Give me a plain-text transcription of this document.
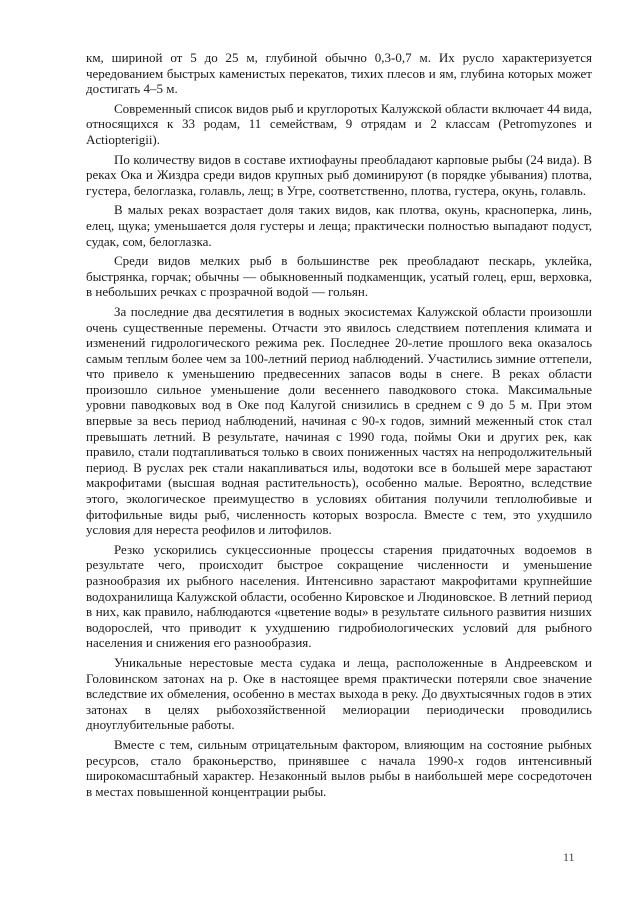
км, шириной от 5 до 25 м, глубиной обычно 0,3-0,7 м. Их русло характеризуется чередованием быстрых каменистых перекатов, тихих плесов и ям, глубина которых может достигать 4–5 м.

Современный список видов рыб и круглоротых Калужской области включает 44 вида, относящихся к 33 родам, 11 семействам, 9 отрядам и 2 классам (Petromyzones и Actiopterigii).

По количеству видов в составе ихтиофауны преобладают карповые рыбы (24 вида). В реках Ока и Жиздра среди видов крупных рыб доминируют (в порядке убывания) плотва, густера, белоглазка, голавль, лещ; в Угре, соответственно, плотва, густера, окунь, голавль.

В малых реках возрастает доля таких видов, как плотва, окунь, красноперка, линь, елец, щука; уменьшается доля густеры и леща; практически полностью выпадают подуст, судак, сом, белоглазка.

Среди видов мелких рыб в большинстве рек преобладают пескарь, уклейка, быстрянка, горчак; обычны — обыкновенный подкаменщик, усатый голец, ерш, верховка, в небольших речках с прозрачной водой — гольян.

За последние два десятилетия в водных экосистемах Калужской области произошли очень существенные перемены. Отчасти это явилось следствием потепления климата и изменений гидрологического режима рек. Последнее 20-летие прошлого века оказалось самым теплым более чем за 100-летний период наблюдений. Участились зимние оттепели, что привело к уменьшению предвесенних запасов воды в снеге. В реках области произошло сильное уменьшение доли весеннего паводкового стока. Максимальные уровни паводковых вод в Оке под Калугой снизились в среднем с 9 до 5 м. При этом впервые за весь период наблюдений, начиная с 90-х годов, зимний меженный сток стал превышать летний. В результате, начиная с 1990 года, поймы Оки и других рек, как правило, стали подтапливаться только в своих пониженных частях на непродолжительный период. В руслах рек стали накапливаться илы, водотоки все в большей мере зарастают макрофитами (высшая водная растительность), особенно малые. Вероятно, вследствие этого, экологическое преимущество в условиях обитания получили теплолюбивые и фитофильные виды рыб, численность которых возросла. Вместе с тем, это ухудшило условия для нереста реофилов и литофилов.

Резко ускорились сукцессионные процессы старения придаточных водоемов в результате чего, происходит быстрое сокращение численности и уменьшение разнообразия их рыбного населения. Интенсивно зарастают макрофитами крупнейшие водохранилища Калужской области, особенно Кировское и Людиновское. В летний период в них, как правило, наблюдаются «цветение воды» в результате сильного развития низших водорослей, что приводит к ухудшению гидробиологических условий для рыбного населения и снижения его разнообразия.

Уникальные нерестовые места судака и леща, расположенные в Андреевском и Головинском затонах на р. Оке в настоящее время практически потеряли свое значение вследствие их обмеления, особенно в местах выхода в реку. До двухтысячных годов в этих затонах в целях рыбохозяйственной мелиорации периодически проводились дноуглубительные работы.

Вместе с тем, сильным отрицательным фактором, влияющим на состояние рыбных ресурсов, стало браконьерство, принявшее с начала 1990-х годов интенсивный широкомасштабный характер. Незаконный вылов рыбы в наибольшей мере сосредоточен в местах повышенной концентрации рыбы.

11
